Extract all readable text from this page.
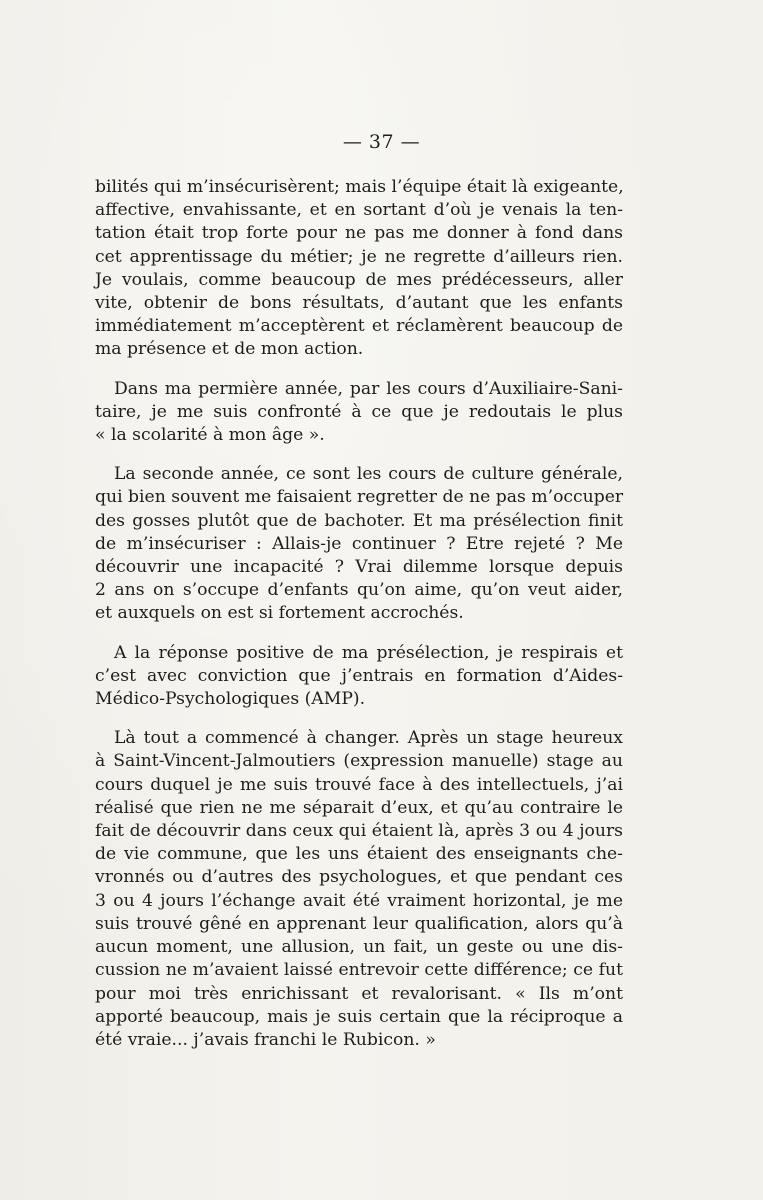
— 37 —

bilités qui m’insécurisèrent; mais l’équipe était là exigeante,
affective, envahissante, et en sortant d’où je venais la ten-
tation était trop forte pour ne pas me donner à fond dans
cet apprentissage du métier; je ne regrette d’ailleurs rien.
Je voulais, comme beaucoup de mes prédécesseurs, aller
vite, obtenir de bons résultats, d’autant que les enfants
immédiatement m’acceptèrent et réclamèrent beaucoup de
ma présence et de mon action.

Dans ma permière année, par les cours d’Auxiliaire-Sani-
taire, je me suis confronté à ce que je redoutais le plus
« la scolarité à mon âge ».

La seconde année, ce sont les cours de culture générale,
qui bien souvent me faisaient regretter de ne pas m’occuper
des gosses plutôt que de bachoter. Et ma présélection finit
de m’insécuriser : Allais-je continuer ? Etre rejeté ? Me
découvrir une incapacité ? Vrai dilemme lorsque depuis
2 ans on s’occupe d’enfants qu’on aime, qu’on veut aider,
et auxquels on est si fortement accrochés.

A la réponse positive de ma présélection, je respirais et
c’est avec conviction que j’entrais en formation d’Aides-
Médico-Psychologiques (AMP).

Là tout a commencé à changer. Après un stage heureux
à Saint-Vincent-Jalmoutiers (expression manuelle) stage au
cours duquel je me suis trouvé face à des intellectuels, j’ai
réalisé que rien ne me séparait d’eux, et qu’au contraire le
fait de découvrir dans ceux qui étaient là, après 3 ou 4 jours
de vie commune, que les uns étaient des enseignants che-
vronnés ou d’autres des psychologues, et que pendant ces
3 ou 4 jours l’échange avait été vraiment horizontal, je me
suis trouvé gêné en apprenant leur qualification, alors qu’à
aucun moment, une allusion, un fait, un geste ou une dis-
cussion ne m’avaient laissé entrevoir cette différence; ce fut
pour moi très enrichissant et revalorisant. « Ils m’ont
apporté beaucoup, mais je suis certain que la réciproque a
été vraie... j’avais franchi le Rubicon. »
